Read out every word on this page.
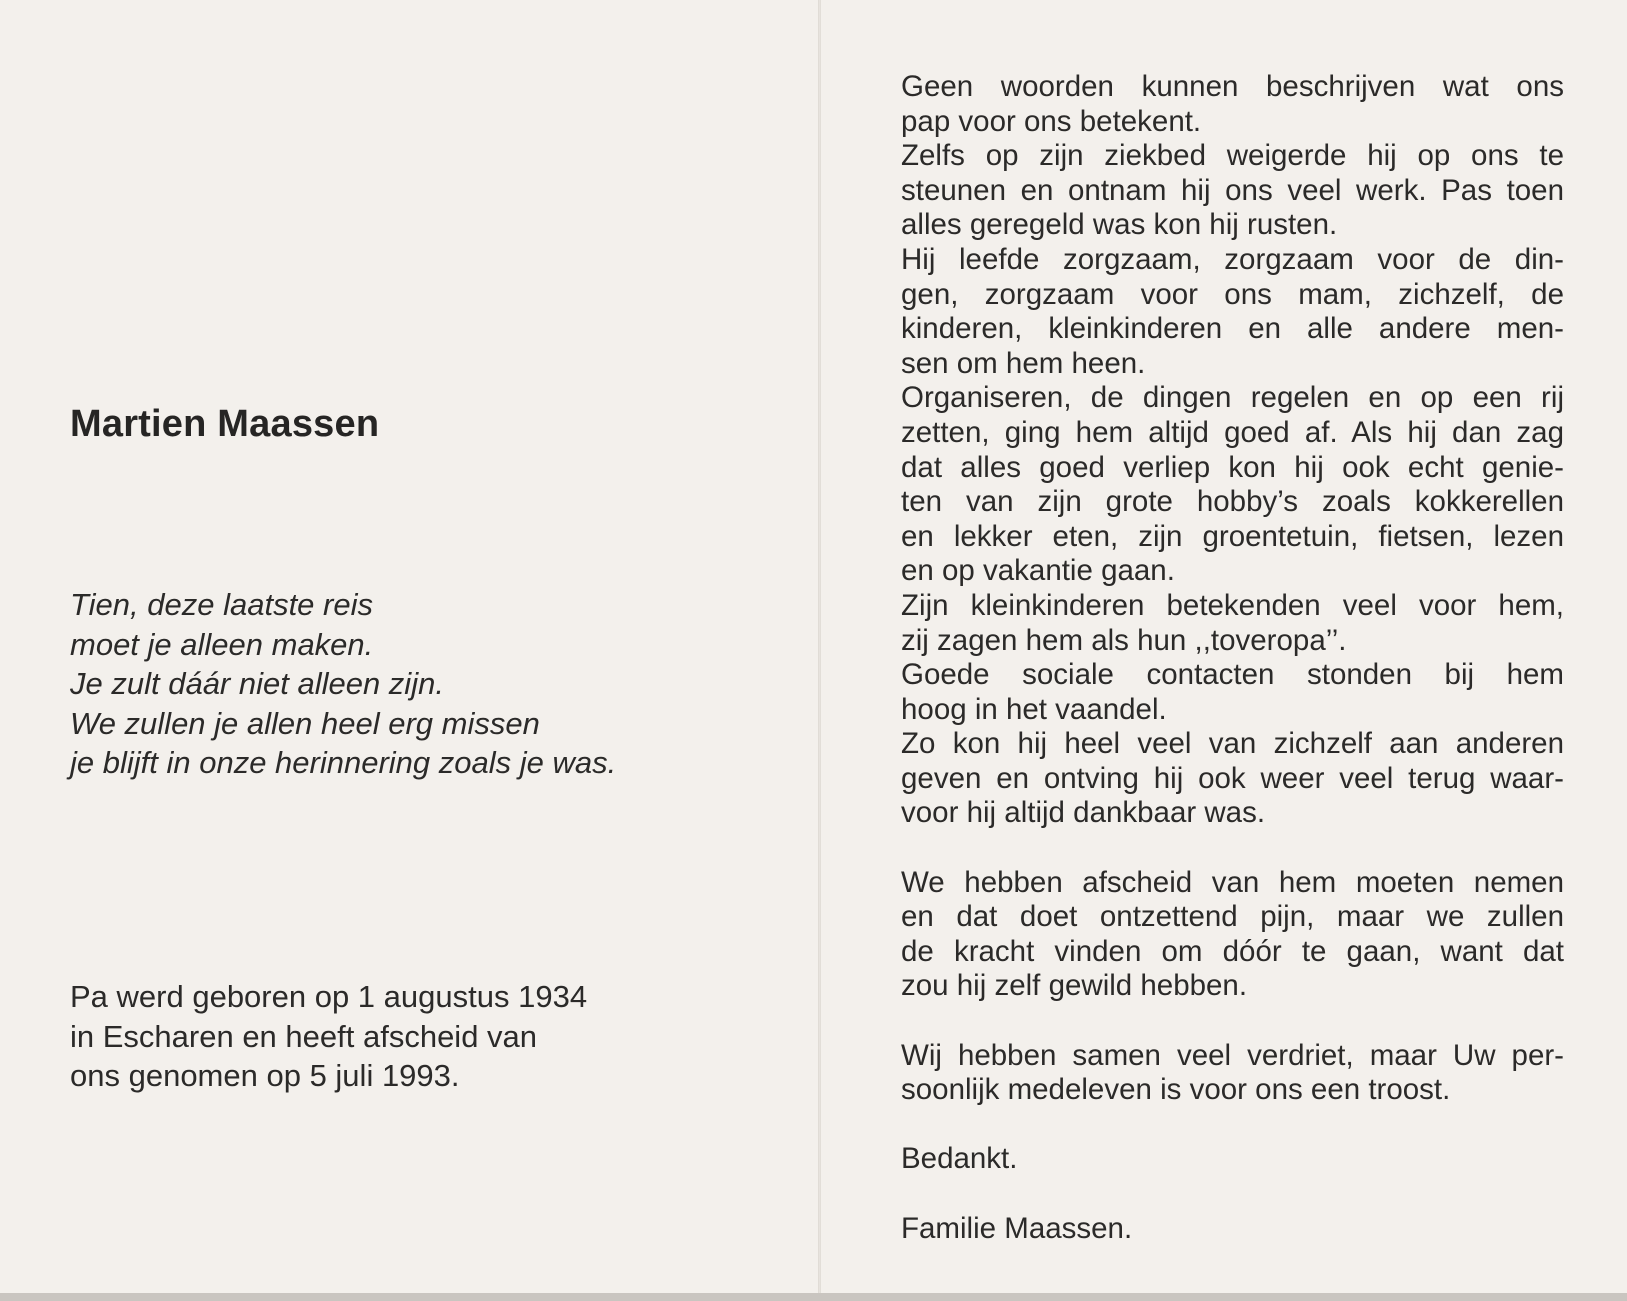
Martien Maassen
Tien, deze laatste reis
moet je alleen maken.
Je zult dáár niet alleen zijn.
We zullen je allen heel erg missen
je blijft in onze herinnering zoals je was.
Pa werd geboren op 1 augustus 1934
in Escharen en heeft afscheid van
ons genomen op 5 juli 1993.
Geen woorden kunnen beschrijven wat ons
pap voor ons betekent.
Zelfs op zijn ziekbed weigerde hij op ons te
steunen en ontnam hij ons veel werk. Pas toen
alles geregeld was kon hij rusten.
Hij leefde zorgzaam, zorgzaam voor de din-
gen, zorgzaam voor ons mam, zichzelf, de
kinderen, kleinkinderen en alle andere men-
sen om hem heen.
Organiseren, de dingen regelen en op een rij
zetten, ging hem altijd goed af. Als hij dan zag
dat alles goed verliep kon hij ook echt genie-
ten van zijn grote hobby’s zoals kokkerellen
en lekker eten, zijn groentetuin, fietsen, lezen
en op vakantie gaan.
Zijn kleinkinderen betekenden veel voor hem,
zij zagen hem als hun ,,toveropa’’.
Goede sociale contacten stonden bij hem
hoog in het vaandel.
Zo kon hij heel veel van zichzelf aan anderen
geven en ontving hij ook weer veel terug waar-
voor hij altijd dankbaar was.
We hebben afscheid van hem moeten nemen
en dat doet ontzettend pijn, maar we zullen
de kracht vinden om dóór te gaan, want dat
zou hij zelf gewild hebben.
Wij hebben samen veel verdriet, maar Uw per-
soonlijk medeleven is voor ons een troost.
Bedankt.
Familie Maassen.
